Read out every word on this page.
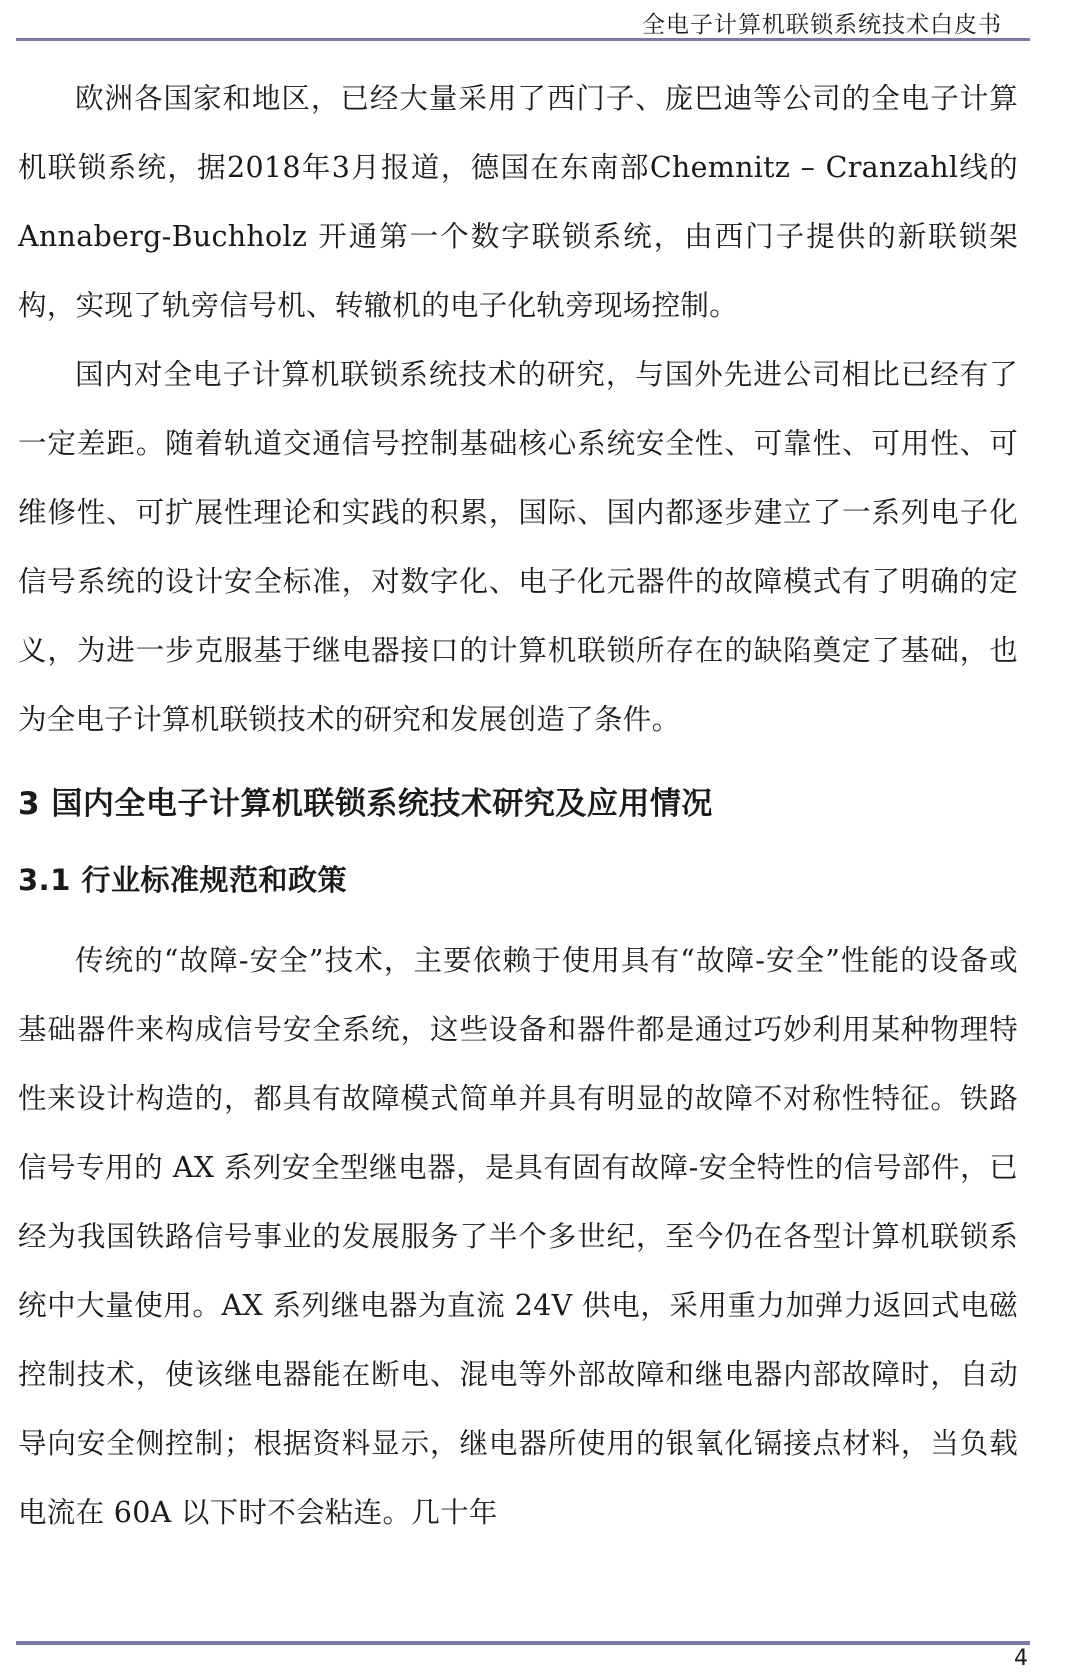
全电子计算机联锁系统技术白皮书

欧洲各国家和地区，已经大量采用了西门子、庞巴迪等公司的全电子计算机联锁系统，据2018年3月报道，德国在东南部Chemnitz – Cranzahl线的 Annaberg-Buchholz 开通第一个数字联锁系统，由西门子提供的新联锁架构，实现了轨旁信号机、转辙机的电子化轨旁现场控制。

国内对全电子计算机联锁系统技术的研究，与国外先进公司相比已经有了一定差距。随着轨道交通信号控制基础核心系统安全性、可靠性、可用性、可维修性、可扩展性理论和实践的积累，国际、国内都逐步建立了一系列电子化信号系统的设计安全标准，对数字化、电子化元器件的故障模式有了明确的定义，为进一步克服基于继电器接口的计算机联锁所存在的缺陷奠定了基础，也为全电子计算机联锁技术的研究和发展创造了条件。

3 国内全电子计算机联锁系统技术研究及应用情况
3.1 行业标准规范和政策

传统的“故障-安全”技术，主要依赖于使用具有“故障-安全”性能的设备或基础器件来构成信号安全系统，这些设备和器件都是通过巧妙利用某种物理特性来设计构造的，都具有故障模式简单并具有明显的故障不对称性特征。铁路信号专用的 AX 系列安全型继电器，是具有固有故障-安全特性的信号部件，已经为我国铁路信号事业的发展服务了半个多世纪，至今仍在各型计算机联锁系统中大量使用。AX 系列继电器为直流 24V 供电，采用重力加弹力返回式电磁控制技术，使该继电器能在断电、混电等外部故障和继电器内部故障时，自动导向安全侧控制；根据资料显示，继电器所使用的银氧化镉接点材料，当负载电流在 60A 以下时不会粘连。几十年

4
